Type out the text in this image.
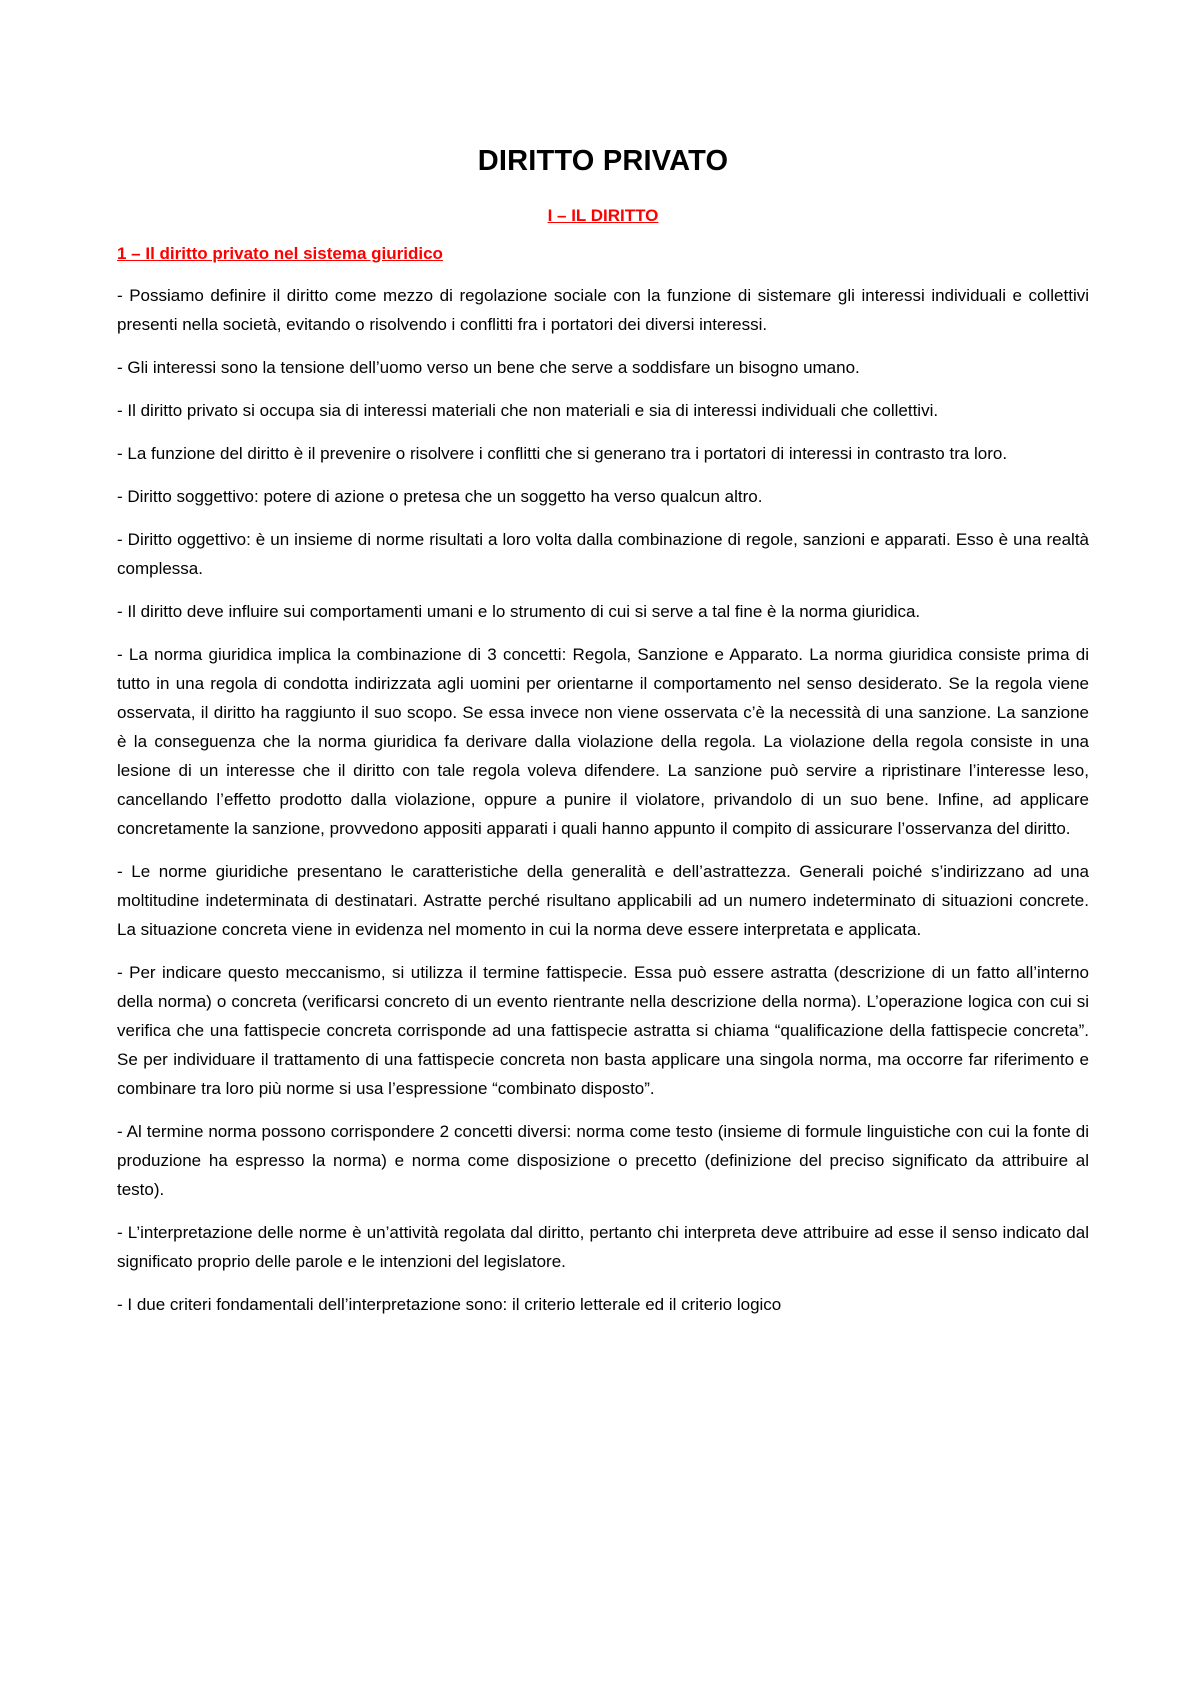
DIRITTO PRIVATO
I – IL DIRITTO
1 – Il diritto privato nel sistema giuridico

- Possiamo definire il diritto come mezzo di regolazione sociale con la funzione di sistemare gli interessi individuali e collettivi presenti nella società, evitando o risolvendo i conflitti fra i portatori dei diversi interessi.

- Gli interessi sono la tensione dell’uomo verso un bene che serve a soddisfare un bisogno umano.

- Il diritto privato si occupa sia di interessi materiali che non materiali e sia di interessi individuali che collettivi.

- La funzione del diritto è il prevenire o risolvere i conflitti che si generano tra i portatori di interessi in contrasto tra loro.

- Diritto soggettivo: potere di azione o pretesa che un soggetto ha verso qualcun altro.

- Diritto oggettivo: è un insieme di norme risultati a loro volta dalla combinazione di regole, sanzioni e apparati. Esso è una realtà complessa.

- Il diritto deve influire sui comportamenti umani e lo strumento di cui si serve a tal fine è la norma giuridica.

- La norma giuridica implica la combinazione di 3 concetti: Regola, Sanzione e Apparato. La norma giuridica consiste prima di tutto in una regola di condotta indirizzata agli uomini per orientarne il comportamento nel senso desiderato. Se la regola viene osservata, il diritto ha raggiunto il suo scopo. Se essa invece non viene osservata c’è la necessità di una sanzione. La sanzione è la conseguenza che la norma giuridica fa derivare dalla violazione della regola. La violazione della regola consiste in una lesione di un interesse che il diritto con tale regola voleva difendere. La sanzione può servire a ripristinare l’interesse leso, cancellando l’effetto prodotto dalla violazione, oppure a punire il violatore, privandolo di un suo bene. Infine, ad applicare concretamente la sanzione, provvedono appositi apparati i quali hanno appunto il compito di assicurare l’osservanza del diritto.

- Le norme giuridiche presentano le caratteristiche della generalità e dell’astrattezza. Generali poiché s’indirizzano ad una moltitudine indeterminata di destinatari. Astratte perché risultano applicabili ad un numero indeterminato di situazioni concrete. La situazione concreta viene in evidenza nel momento in cui la norma deve essere interpretata e applicata.

- Per indicare questo meccanismo, si utilizza il termine fattispecie. Essa può essere astratta (descrizione di un fatto all’interno della norma) o concreta (verificarsi concreto di un evento rientrante nella descrizione della norma). L’operazione logica con cui si verifica che una fattispecie concreta corrisponde ad una fattispecie astratta si chiama “qualificazione della fattispecie concreta”. Se per individuare il trattamento di una fattispecie concreta non basta applicare una singola norma, ma occorre far riferimento e combinare tra loro più norme si usa l’espressione “combinato disposto”.

- Al termine norma possono corrispondere 2 concetti diversi: norma come testo (insieme di formule linguistiche con cui la fonte di produzione ha espresso la norma) e norma come disposizione o precetto (definizione del preciso significato da attribuire al testo).

- L’interpretazione delle norme è un’attività regolata dal diritto, pertanto chi interpreta deve attribuire ad esse il senso indicato dal significato proprio delle parole e le intenzioni del legislatore.

- I due criteri fondamentali dell’interpretazione sono: il criterio letterale ed il criterio logico
